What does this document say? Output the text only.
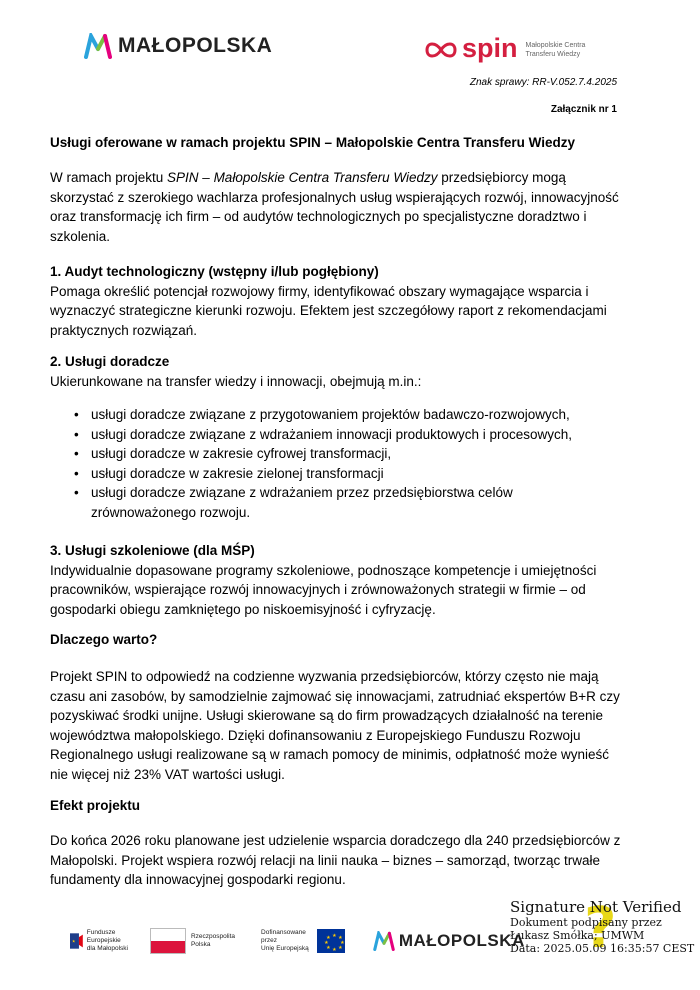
MAŁOPOLSKA	spin Małopolskie Centra
Transferu Wiedzy
Znak sprawy: RR-V.052.7.4.2025
Załącznik nr 1
Usługi oferowane w ramach projektu SPIN – Małopolskie Centra Transferu Wiedzy

W ramach projektu SPIN – Małopolskie Centra Transferu Wiedzy przedsiębiorcy mogą skorzystać z szerokiego wachlarza profesjonalnych usług wspierających rozwój, innowacyjność oraz transformację ich firm – od audytów technologicznych po specjalistyczne doradztwo i szkolenia.

1. Audyt technologiczny (wstępny i/lub pogłębiony)

Pomaga określić potencjał rozwojowy firmy, identyfikować obszary wymagające wsparcia i wyznaczyć strategiczne kierunki rozwoju. Efektem jest szczegółowy raport z rekomendacjami praktycznych rozwiązań.

2. Usługi doradcze

Ukierunkowane na transfer wiedzy i innowacji, obejmują m.in.:

• usługi doradcze związane z przygotowaniem projektów badawczo-rozwojowych,
• usługi doradcze związane z wdrażaniem innowacji produktowych i procesowych,
• usługi doradcze w zakresie cyfrowej transformacji,
• usługi doradcze w zakresie zielonej transformacji
• usługi doradcze związane z wdrażaniem przez przedsiębiorstwa celów zrównoważonego rozwoju.

3. Usługi szkoleniowe (dla MŚP)

Indywidualnie dopasowane programy szkoleniowe, podnoszące kompetencje i umiejętności pracowników, wspierające rozwój innowacyjnych i zrównoważonych strategii w firmie – od gospodarki obiegu zamkniętego po niskoemisyjność i cyfryzację.

Dlaczego warto?

Projekt SPIN to odpowiedź na codzienne wyzwania przedsiębiorców, którzy często nie mają czasu ani zasobów, by samodzielnie zajmować się innowacjami, zatrudniać ekspertów B+R czy pozyskiwać środki unijne. Usługi skierowane są do firm prowadzących działalność na terenie województwa małopolskiego. Dzięki dofinansowaniu z Europejskiego Funduszu Rozwoju Regionalnego usługi realizowane są w ramach pomocy de minimis, odpłatność może wynieść nie więcej niż 23% VAT wartości usługi.

Efekt projektu

Do końca 2026 roku planowane jest udzielenie wsparcia doradczego dla 240 przedsiębiorców z Małopolski. Projekt wspiera rozwój relacji na linii nauka – biznes – samorząd, tworząc trwałe fundamenty dla innowacyjnej gospodarki regionu.
★
Fundusze Europejskie
dla Małopolski
Rzeczpospolita
Polska
Dofinansowane przez
Unię Europejską
★ ★
★
★
★
★
★
★	MAŁOPOLSKA ?
Signature Not Verified
Dokument podpisany przez
Łukasz Smółka; UMWM
Data: 2025.05.09 16:35:57 CEST
